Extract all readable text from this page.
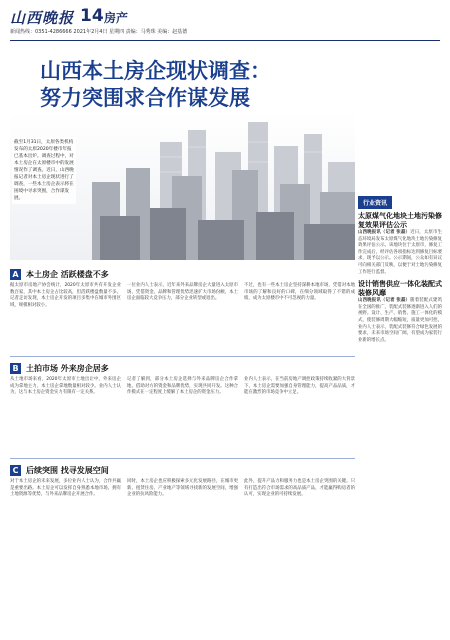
山西晚报 14 房产
新闻热线：0351-4286666 2021年2月4日 星期四 责编：马秀珠 美编：赵基德
山西本土房企现状调查：
努力突围求合作谋发展
截至1月31日，太原各类机构发布的太原2020年楼市年报已基本出炉。调查过程中，对本土房企在太原楼市中的发展情况作了调查。近日，山西晚报记者对本土房企现状进行了调查，一些本土房企表示将在困境中寻求突围，合作谋发展。
行业资讯
太原煤气化地块土地污染修复效果评估公示
山西晚报讯（记者 张磊）近日，太原市生态环境局发布太原煤气化地块土地污染修复效果评估公示。该地块位于太原市，修复工作完成后，经评估各项指标达到修复目标要求，现予以公示。公示期间，公众如有异议可向相关部门反映，以便于对土地污染修复工作进行监督。
设计销售供应一体化装配式装修风靡
山西晚报讯（记者 张磊）随着装配式建筑在全国的推广，装配式装修逐渐进入人们的视野。设计、生产、销售、施工一体化的模式，使装修周期大幅缩短，质量更加可控。业内人士表示，装配式装修符合绿色发展的要求，未来市场空间广阔，有望成为家装行业新的增长点。
A 本土房企 活跃楼盘不多
据太原市房地产协会统计，2020年太原市共有开发企业数百家，其中本土房企占比较高，但活跃楼盘数量不多。记者走访发现，本土房企开发的项目多集中在城市外围区域，规模相对较小。
一位业内人士表示，近年来外来品牌房企大量进入太原市场，凭借资金、品牌和管理优势迅速扩大市场份额，本土房企面临较大竞争压力，部分企业转型或退出。
不过，也有一些本土房企坚持深耕本地市场，凭借对本地市场的了解和良好的口碑，在细分领域取得了不错的成绩，成为太原楼市中不可忽视的力量。
B 土拍市场 外来房企居多
从土地市场来看，2020年太原市土地出让中，外来房企成为拿地主力，本土房企拿地数量相对较少。业内人士认为，这与本土房企资金实力有限有一定关系。
记者了解到，部分本土房企选择与外来品牌房企合作拿地，借助对方的资金和品牌优势，实现共同开发。这种合作模式在一定程度上缓解了本土房企的资金压力。
业内人士表示，在当前房地产调控政策持续收紧的大背景下，本土房企需要加强自身管理能力，提高产品品质，才能在激烈的市场竞争中立足。
C 后续突围 找寻发展空间
对于本土房企的未来发展，多位业内人士认为，合作共赢是重要出路。本土房企可以发挥自身熟悉本地市场、拥有土地资源等优势，与外来品牌房企开展合作。
同时，本土房企也应积极探索多元化发展路径，在城市更新、租赁住房、产业地产等领域寻找新的发展空间，增强企业的抗风险能力。
此外，提升产品力和服务力也是本土房企突围的关键。只有打造出符合市场需求的高品质产品，才能赢得购房者的认可，实现企业的可持续发展。
